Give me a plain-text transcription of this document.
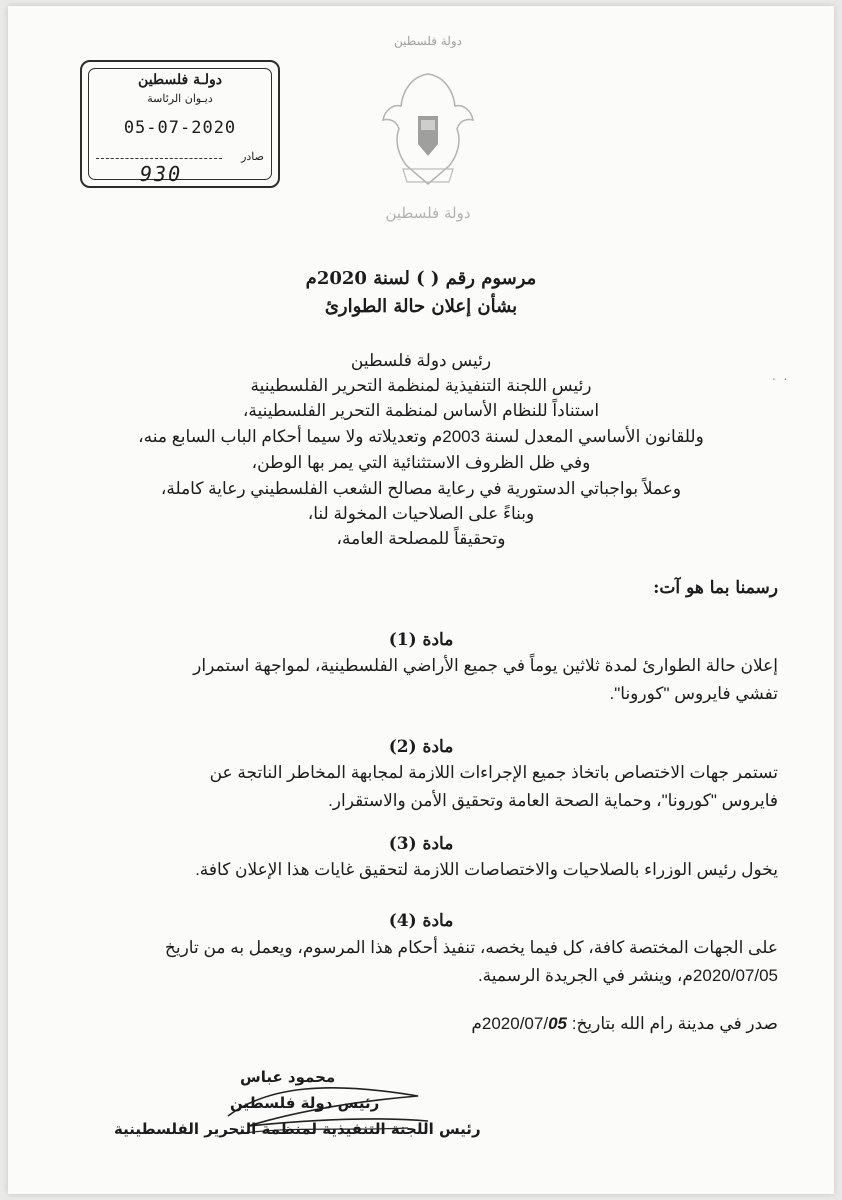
دولة فلسطين
دولة فلسطين
دولـة فلسطين
ديـوان الرئاسة
05-07-2020
صادر
930
مرسوم رقم ( ) لسنة 2020م
بشأن إعلان حالة الطوارئ
رئيس دولة فلسطين
رئيس اللجنة التنفيذية لمنظمة التحرير الفلسطينية
استناداً للنظام الأساس لمنظمة التحرير الفلسطينية،
وللقانون الأساسي المعدل لسنة 2003م وتعديلاته ولا سيما أحكام الباب السابع منه،
وفي ظل الظروف الاستثنائية التي يمر بها الوطن،
وعملاً بواجباتي الدستورية في رعاية مصالح الشعب الفلسطيني رعاية كاملة،
وبناءً على الصلاحيات المخولة لنا،
وتحقيقاً للمصلحة العامة،
. .
رسمنا بما هو آت:
مادة (1)
إعلان حالة الطوارئ لمدة ثلاثين يوماً في جميع الأراضي الفلسطينية، لمواجهة استمرار
تفشي فايروس "كورونا".
مادة (2)
تستمر جهات الاختصاص باتخاذ جميع الإجراءات اللازمة لمجابهة المخاطر الناتجة عن
فايروس "كورونا"، وحماية الصحة العامة وتحقيق الأمن والاستقرار.
مادة (3)
يخول رئيس الوزراء بالصلاحيات والاختصاصات اللازمة لتحقيق غايات هذا الإعلان كافة.
مادة (4)
على الجهات المختصة كافة، كل فيما يخصه، تنفيذ أحكام هذا المرسوم، ويعمل به من تاريخ
2020/07/05م، وينشر في الجريدة الرسمية.
صدر في مدينة رام الله بتاريخ: 2020/07/05م
محمود عباس
رئيس دولة فلسطين
رئيس اللجنة التنفيذية لمنظمة التحرير الفلسطينية
